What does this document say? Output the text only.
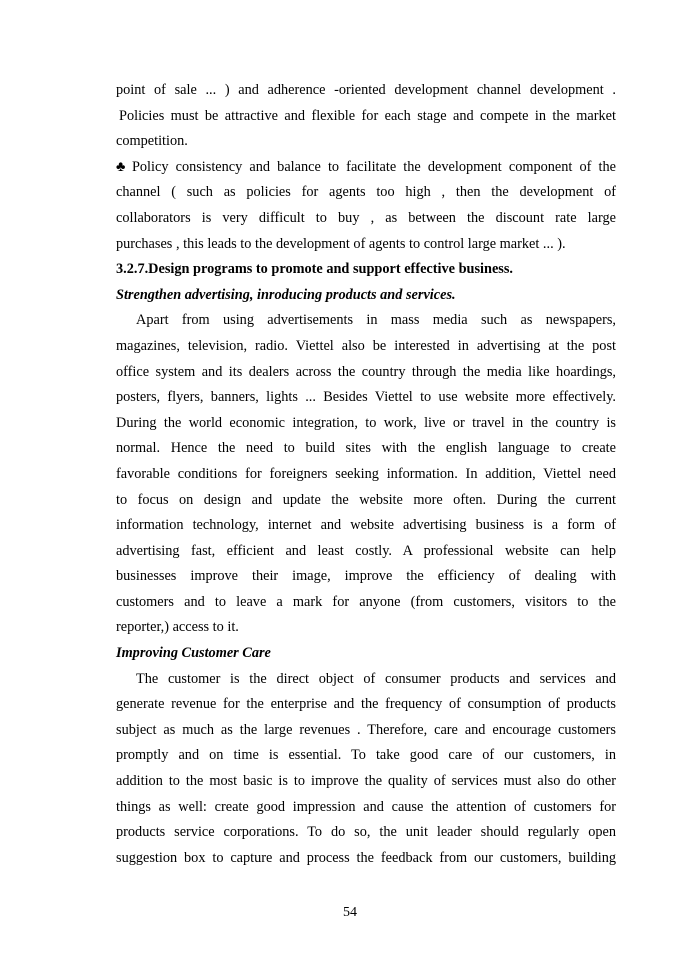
point of sale ... ) and adherence -oriented development channel development .

Policies must be attractive and flexible for each stage and compete in the market

competition.

♣ Policy consistency and balance to facilitate the development component of the

channel ( such as policies for agents too high , then the development of

collaborators is very difficult to buy , as between the discount rate large

purchases , this leads to the development of agents to control large market ... ).

3.2.7.Design programs to promote and support effective business.

Strengthen advertising, inroducing products and services.

Apart from using advertisements in mass media such as newspapers,

magazines, television, radio. Viettel also be interested in advertising at the post

office system and its dealers across the country through the media like hoardings,

posters, flyers, banners, lights ... Besides Viettel to use website more effectively.

During the world economic integration, to work, live or travel in the country is

normal. Hence the need to build sites with the english language to create

favorable conditions for foreigners seeking information. In addition, Viettel need

to focus on design and update the website more often. During the current

information technology, internet and website advertising business is a form of

advertising fast, efficient and least costly. A professional website can help

businesses improve their image, improve the efficiency of dealing with

customers and to leave a mark for anyone (from customers, visitors to the

reporter,) access to it.

Improving Customer Care

The customer is the direct object of consumer products and services and

generate revenue for the enterprise and the frequency of consumption of products

subject as much as the large revenues . Therefore, care and encourage customers

promptly and on time is essential. To take good care of our customers, in

addition to the most basic is to improve the quality of services must also do other

things as well: create good impression and cause the attention of customers for

products service corporations. To do so, the unit leader should regularly open

suggestion box to capture and process the feedback from our customers, building

54
